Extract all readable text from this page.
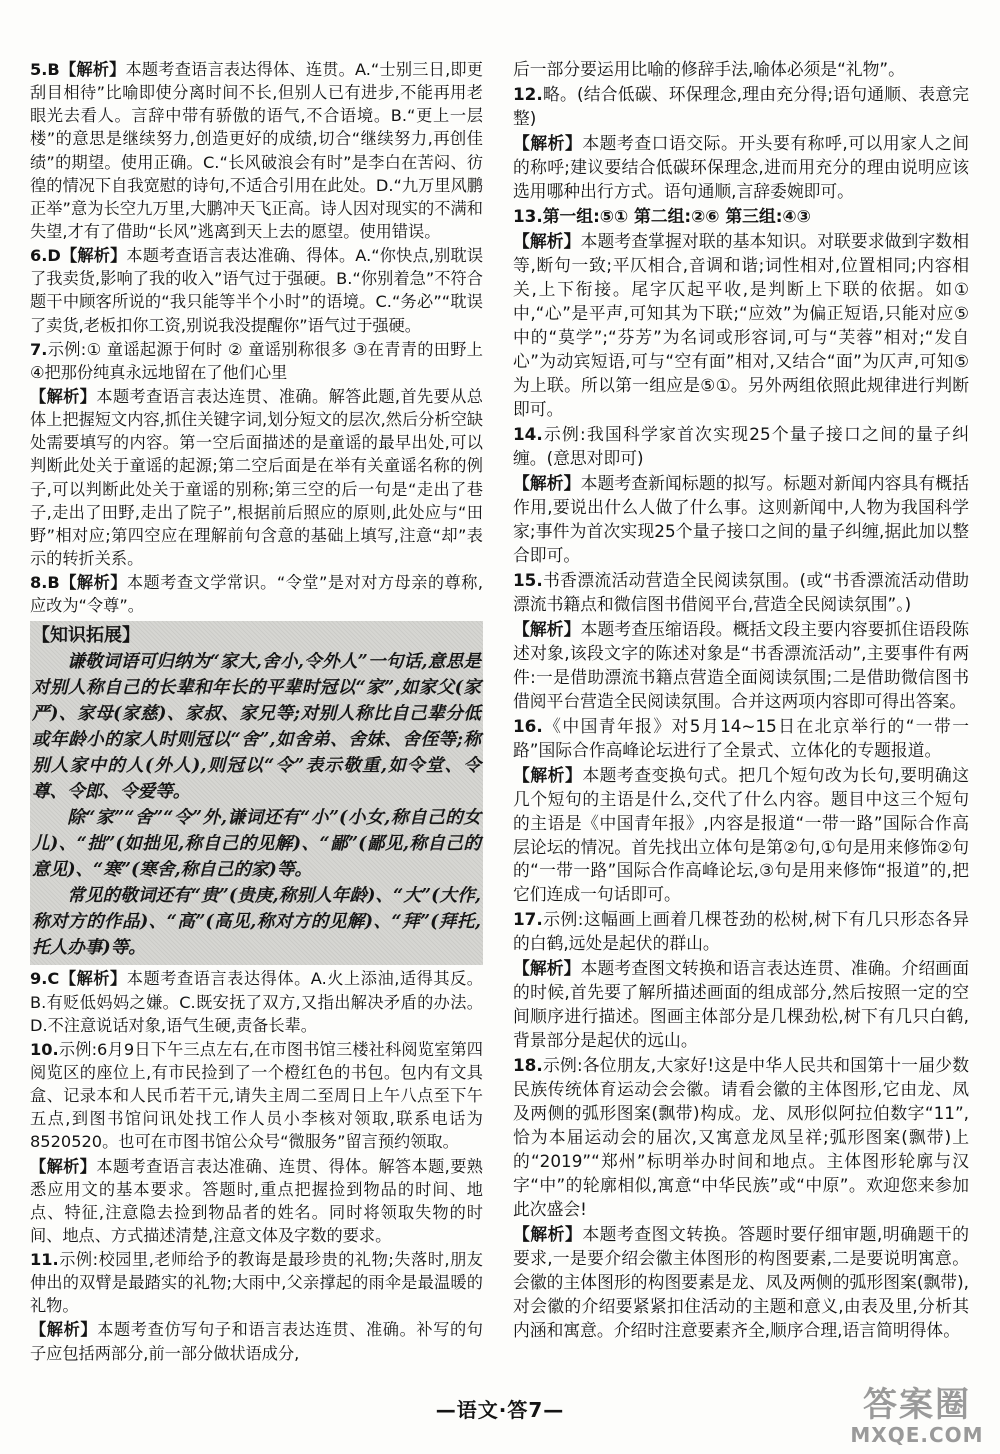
5.B【解析】本题考查语言表达得体、连贯。A.“士别三日,即更刮目相待”比喻即使分离时间不长,但别人已有进步,不能再用老眼光去看人。言辞中带有骄傲的语气,不合语境。B.“更上一层楼”的意思是继续努力,创造更好的成绩,切合“继续努力,再创佳绩”的期望。使用正确。C.“长风破浪会有时”是李白在苦闷、彷徨的情况下自我宽慰的诗句,不适合引用在此处。D.“九万里风鹏正举”意为长空九万里,大鹏冲天飞正高。诗人因对现实的不满和失望,才有了借助“长风”逃离到天上去的愿望。使用错误。
6.D【解析】本题考查语言表达准确、得体。A.“你快点,别耽误了我卖货,影响了我的收入”语气过于强硬。B.“你别着急”不符合题干中顾客所说的“我只能等半个小时”的语境。C.“务必”“耽误了卖货,老板扣你工资,别说我没提醒你”语气过于强硬。
7.示例:① 童谣起源于何时 ② 童谣别称很多 ③在青青的田野上 ④把那份纯真永远地留在了他们心里
【解析】本题考查语言表达连贯、准确。解答此题,首先要从总体上把握短文内容,抓住关键字词,划分短文的层次,然后分析空缺处需要填写的内容。第一空后面描述的是童谣的最早出处,可以判断此处关于童谣的起源;第二空后面是在举有关童谣名称的例子,可以判断此处关于童谣的别称;第三空的后一句是“走出了巷子,走出了田野,走出了院子”,根据前后照应的原则,此处应与“田野”相对应;第四空应在理解前句含意的基础上填写,注意“却”表示的转折关系。
8.B【解析】本题考查文学常识。“令堂”是对对方母亲的尊称,应改为“令尊”。
【知识拓展】

谦敬词语可归纳为“家大,舍小,令外人”一句话,意思是对别人称自己的长辈和年长的平辈时冠以“家”,如家父(家严)、家母(家慈)、家叔、家兄等;对别人称比自己辈分低或年龄小的家人时则冠以“舍”,如舍弟、舍妹、舍侄等;称别人家中的人(外人),则冠以“令”表示敬重,如令堂、令尊、令郎、令爱等。

除“家”“舍”“令”外,谦词还有“小”(小女,称自己的女儿)、“拙”(如拙见,称自己的见解)、“鄙”(鄙见,称自己的意见)、“寒”(寒舍,称自己的家)等。

常见的敬词还有“贵”(贵庚,称别人年龄)、“大”(大作,称对方的作品)、“高”(高见,称对方的见解)、“拜”(拜托,托人办事)等。

9.C【解析】本题考查语言表达得体。A.火上添油,适得其反。B.有贬低妈妈之嫌。C.既安抚了双方,又指出解决矛盾的办法。D.不注意说话对象,语气生硬,责备长辈。
10.示例:6月9日下午三点左右,在市图书馆三楼社科阅览室第四阅览区的座位上,有市民捡到了一个橙红色的书包。包内有文具盒、记录本和人民币若干元,请失主周二至周日上午八点至下午五点,到图书馆问讯处找工作人员小李核对领取,联系电话为8520520。也可在市图书馆公众号“微服务”留言预约领取。
【解析】本题考查语言表达准确、连贯、得体。解答本题,要熟悉应用文的基本要求。答题时,重点把握捡到物品的时间、地点、特征,注意隐去捡到物品者的姓名。同时将领取失物的时间、地点、方式描述清楚,注意文体及字数的要求。
11.示例:校园里,老师给予的教诲是最珍贵的礼物;失落时,朋友伸出的双臂是最踏实的礼物;大雨中,父亲撑起的雨伞是最温暖的礼物。
【解析】本题考查仿写句子和语言表达连贯、准确。补写的句子应包括两部分,前一部分做状语成分,
后一部分要运用比喻的修辞手法,喻体必须是“礼物”。
12.略。(结合低碳、环保理念,理由充分得;语句通顺、表意完整)
【解析】本题考查口语交际。开头要有称呼,可以用家人之间的称呼;建议要结合低碳环保理念,进而用充分的理由说明应该选用哪种出行方式。语句通顺,言辞委婉即可。
13.第一组:⑤① 第二组:②⑥ 第三组:④③
【解析】本题考查掌握对联的基本知识。对联要求做到字数相等,断句一致;平仄相合,音调和谐;词性相对,位置相同;内容相关,上下衔接。尾字仄起平收,是判断上下联的依据。如①中,“心”是平声,可知其为下联;“应效”为偏正短语,只能对应⑤中的“莫学”;“芬芳”为名词或形容词,可与“芙蓉”相对;“发自心”为动宾短语,可与“空有面”相对,又结合“面”为仄声,可知⑤为上联。所以第一组应是⑤①。另外两组依照此规律进行判断即可。
14.示例:我国科学家首次实现25个量子接口之间的量子纠缠。(意思对即可)
【解析】本题考查新闻标题的拟写。标题对新闻内容具有概括作用,要说出什么人做了什么事。这则新闻中,人物为我国科学家;事件为首次实现25个量子接口之间的量子纠缠,据此加以整合即可。
15.书香漂流活动营造全民阅读氛围。(或“书香漂流活动借助漂流书籍点和微信图书借阅平台,营造全民阅读氛围”。)
【解析】本题考查压缩语段。概括文段主要内容要抓住语段陈述对象,该段文字的陈述对象是“书香漂流活动”,主要事件有两件:一是借助漂流书籍点营造全面阅读氛围;二是借助微信图书借阅平台营造全民阅读氛围。合并这两项内容即可得出答案。
16.《中国青年报》对5月14~15日在北京举行的“一带一路”国际合作高峰论坛进行了全景式、立体化的专题报道。
【解析】本题考查变换句式。把几个短句改为长句,要明确这几个短句的主语是什么,交代了什么内容。题目中这三个短句的主语是《中国青年报》,内容是报道“一带一路”国际合作高层论坛的情况。首先找出立体句是第②句,①句是用来修饰②句的“一带一路”国际合作高峰论坛,③句是用来修饰“报道”的,把它们连成一句话即可。
17.示例:这幅画上画着几棵苍劲的松树,树下有几只形态各异的白鹤,远处是起伏的群山。
【解析】本题考查图文转换和语言表达连贯、准确。介绍画面的时候,首先要了解所描述画面的组成部分,然后按照一定的空间顺序进行描述。图画主体部分是几棵劲松,树下有几只白鹤,背景部分是起伏的远山。
18.示例:各位朋友,大家好!这是中华人民共和国第十一届少数民族传统体育运动会会徽。请看会徽的主体图形,它由龙、凤及两侧的弧形图案(飘带)构成。龙、凤形似阿拉伯数字“11”,恰为本届运动会的届次,又寓意龙凤呈祥;弧形图案(飘带)上的“2019”“郑州”标明举办时间和地点。主体图形轮廓与汉字“中”的轮廓相似,寓意“中华民族”或“中原”。欢迎您来参加此次盛会!
【解析】本题考查图文转换。答题时要仔细审题,明确题干的要求,一是要介绍会徽主体图形的构图要素,二是要说明寓意。会徽的主体图形的构图要素是龙、凤及两侧的弧形图案(飘带),对会徽的介绍要紧紧扣住活动的主题和意义,由表及里,分析其内涵和寓意。介绍时注意要素齐全,顺序合理,语言简明得体。
—语文·答7—	答案圈
MXQE.COM
